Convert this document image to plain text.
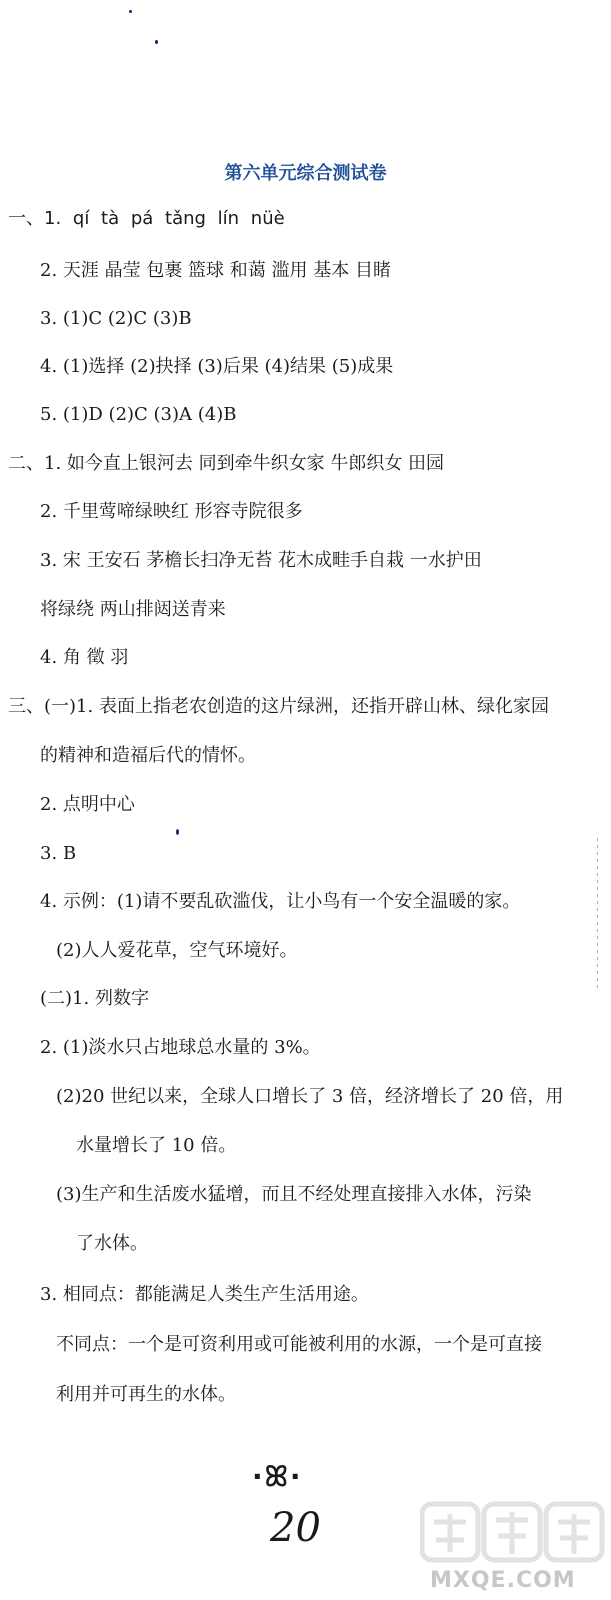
第六单元综合测试卷
一、1. qí tà pá tǎng lín nüè
2. 天涯 晶莹 包裹 篮球 和蔼 滥用 基本 目睹
3. (1)C (2)C (3)B
4. (1)选择 (2)抉择 (3)后果 (4)结果 (5)成果
5. (1)D (2)C (3)A (4)B
二、1. 如今直上银河去 同到牵牛织女家 牛郎织女 田园
2. 千里莺啼绿映红 形容寺院很多
3. 宋 王安石 茅檐长扫净无苔 花木成畦手自栽 一水护田
将绿绕 两山排闼送青来
4. 角 徵 羽
三、(一)1. 表面上指老农创造的这片绿洲，还指开辟山林、绿化家园
的精神和造福后代的情怀。
2. 点明中心
3. B
4. 示例：(1)请不要乱砍滥伐，让小鸟有一个安全温暖的家。
(2)人人爱花草，空气环境好。
(二)1. 列数字
2. (1)淡水只占地球总水量的 3%。
(2)20 世纪以来，全球人口增长了 3 倍，经济增长了 20 倍，用
水量增长了 10 倍。
(3)生产和生活废水猛增，而且不经处理直接排入水体，污染
了水体。
3. 相同点：都能满足人类生产生活用途。
不同点：一个是可资利用或可能被利用的水源，一个是可直接
利用并可再生的水体。
·ꕤ·
20
MXQE.COM
